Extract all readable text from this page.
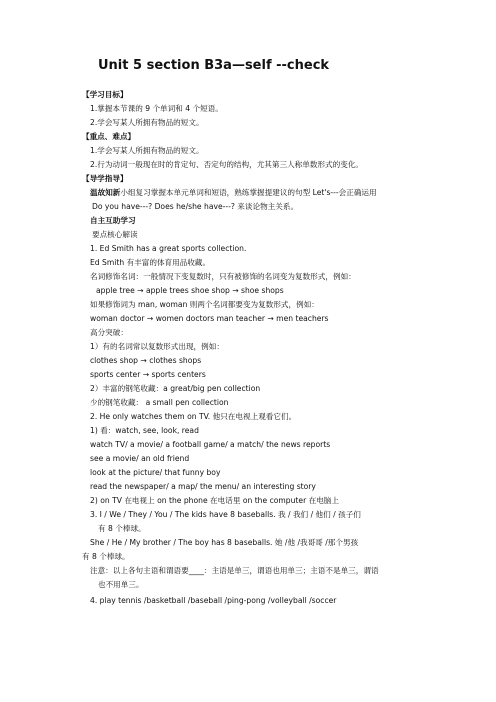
Unit 5 section B3a—self --check
【学习目标】
1.掌握本节课的 9 个单词和 4 个短语。
2.学会写某人所拥有物品的短文。
【重点、难点】
1.学会写某人所拥有物品的短文。
2.行为动词一般现在时的肯定句、否定句的结构，尤其第三人称单数形式的变化。
【导学指导】
温故知新小组复习掌握本单元单词和短语，熟练掌握提建议的句型 Let's---会正确运用
Do you have---? Does he/she have---? 来谈论物主关系。
自主互助学习
要点核心解读
1. Ed Smith has a great sports collection.
Ed Smith 有丰富的体育用品收藏。
名词修饰名词：一般情况下变复数时，只有被修饰的名词变为复数形式，例如：
apple tree → apple trees shoe shop → shoe shops
如果修饰词为 man, woman 则两个名词都要变为复数形式，例如：
woman doctor → women doctors man teacher → men teachers
高分突破：
1）有的名词常以复数形式出现，例如：
clothes shop → clothes shops
sports center → sports centers
2）丰富的钢笔收藏：a great/big pen collection
少的钢笔收藏： a small pen collection
2. He only watches them on TV. 他只在电视上观看它们。
1) 看：watch, see, look, read
watch TV/ a movie/ a football game/ a match/ the news reports
see a movie/ an old friend
look at the picture/ that funny boy
read the newspaper/ a map/ the menu/ an interesting story
2) on TV 在电视上 on the phone 在电话里 on the computer 在电脑上
3. I / We / They / You / The kids have 8 baseballs. 我 / 我们 / 他们 / 孩子们
有 8 个棒球。
She / He / My brother / The boy has 8 baseballs. 她 /他 /我哥哥 /那个男孩
有 8 个棒球。
注意：以上各句主语和谓语要____：主语是单三，谓语也用单三；主语不是单三，谓语
也不用单三。
4. play tennis /basketball /baseball /ping-pong /volleyball /soccer
